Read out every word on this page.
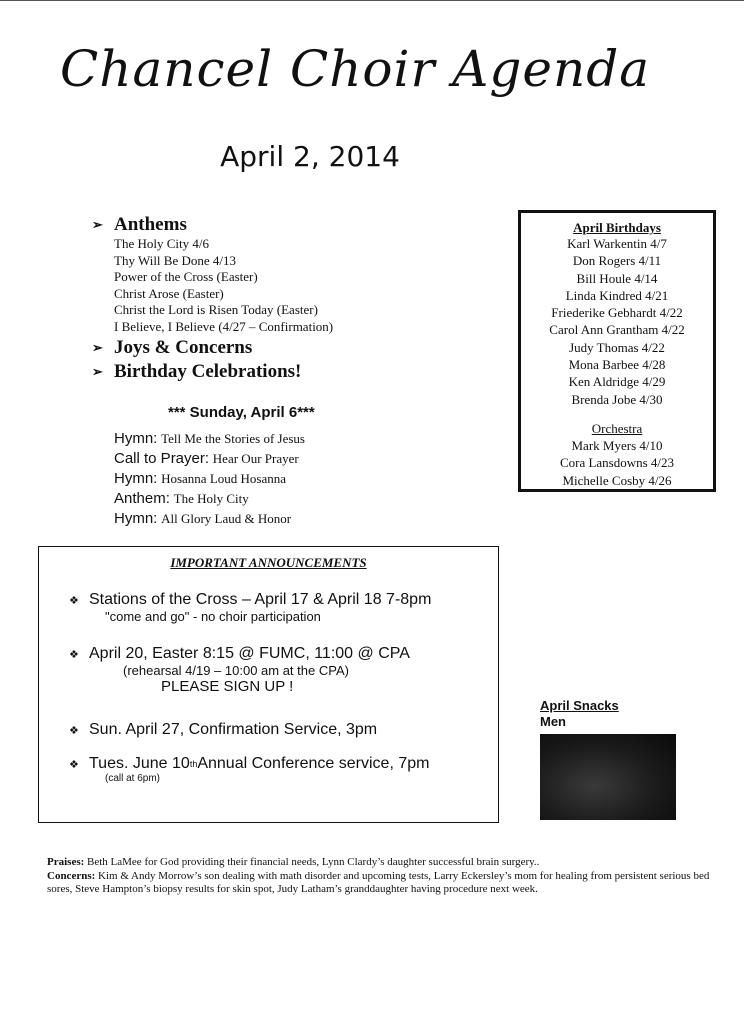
Chancel Choir Agenda
April 2, 2014
➢ Anthems
The Holy City 4/6
Thy Will Be Done 4/13
Power of the Cross (Easter)
Christ Arose (Easter)
Christ the Lord is Risen Today (Easter)
I Believe, I Believe (4/27 – Confirmation)
➢ Joys & Concerns
➢ Birthday Celebrations!
*** Sunday, April 6***
Hymn: Tell Me the Stories of Jesus
Call to Prayer: Hear Our Prayer
Hymn: Hosanna Loud Hosanna
Anthem: The Holy City
Hymn: All Glory Laud & Honor
April Birthdays
Karl Warkentin 4/7
Don Rogers 4/11
Bill Houle 4/14
Linda Kindred 4/21
Friederike Gebhardt 4/22
Carol Ann Grantham 4/22
Judy Thomas 4/22
Mona Barbee 4/28
Ken Aldridge 4/29
Brenda Jobe 4/30
Orchestra
Mark Myers 4/10
Cora Lansdowns 4/23
Michelle Cosby 4/26
IMPORTANT ANNOUNCEMENTS
❖ Stations of the Cross – April 17 & April 18 7-8pm
"come and go" - no choir participation
❖ April 20, Easter 8:15 @ FUMC, 11:00 @ CPA
(rehearsal 4/19 – 10:00 am at the CPA)
PLEASE SIGN UP !
❖ Sun. April 27, Confirmation Service, 3pm
❖ Tues. June 10 th Annual Conference service, 7pm
(call at 6pm)
April Snacks
Men
Praises: Beth LaMee for God providing their financial needs, Lynn Clardy’s daughter successful brain surgery..
Concerns: Kim & Andy Morrow’s son dealing with math disorder and upcoming tests, Larry Eckersley’s mom for healing from persistent serious bed sores, Steve Hampton’s biopsy results for skin spot, Judy Latham’s granddaughter having procedure next week.
